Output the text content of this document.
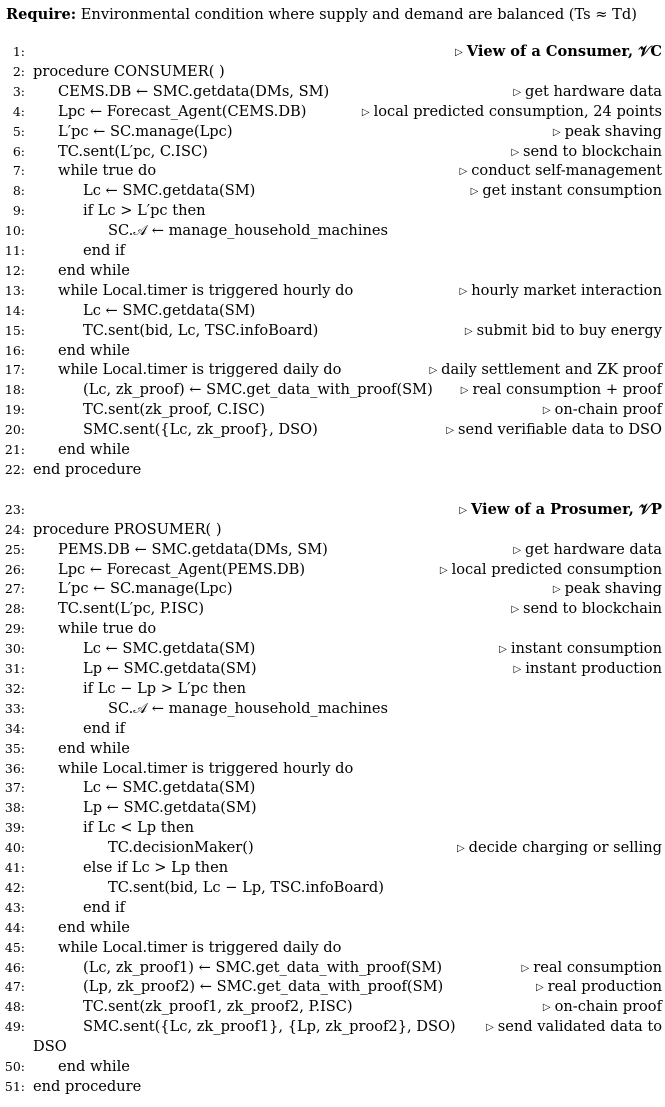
Require: Environmental condition where supply and demand are balanced (Ts ≈ Td)
1:	▷ View of a Consumer, 𝒱C
2: procedure CONSUMER( )
3: CEMS.DB ← SMC.getdata(DMs, SM)	▷ get hardware data
4: Lpc ← Forecast_Agent(CEMS.DB)	▷ local predicted consumption, 24 points
5: L′pc ← SC.manage(Lpc)	▷ peak shaving
6: TC.sent(L′pc, C.ISC)	▷ send to blockchain
7: while true do	▷ conduct self-management
8:	Lc ← SMC.getdata(SM)	▷ get instant consumption
9:	if Lc > L′pc then
10:	SC.𝒜 ← manage_household_machines
11:	end if
12: end while
13: while Local.timer is triggered hourly do	▷ hourly market interaction
14:	Lc ← SMC.getdata(SM)
15:	TC.sent(bid, Lc, TSC.infoBoard)	▷ submit bid to buy energy
16: end while
17: while Local.timer is triggered daily do	▷ daily settlement and ZK proof
18:	(Lc, zk_proof) ← SMC.get_data_with_proof(SM)	▷ real consumption + proof
19:	TC.sent(zk_proof, C.ISC)	▷ on-chain proof
20:	SMC.sent({Lc, zk_proof}, DSO)	▷ send verifiable data to DSO
21: end while
22: end procedure
23:	▷ View of a Prosumer, 𝒱P
24: procedure PROSUMER( )
25: PEMS.DB ← SMC.getdata(DMs, SM)	▷ get hardware data
26: Lpc ← Forecast_Agent(PEMS.DB)	▷ local predicted consumption
27: L′pc ← SC.manage(Lpc)	▷ peak shaving
28: TC.sent(L′pc, P.ISC)	▷ send to blockchain
29: while true do
30:	Lc ← SMC.getdata(SM)	▷ instant consumption
31:	Lp ← SMC.getdata(SM)	▷ instant production
32:	if Lc − Lp > L′pc then
33:	SC.𝒜 ← manage_household_machines
34:	end if
35: end while
36: while Local.timer is triggered hourly do
37:	Lc ← SMC.getdata(SM)
38:	Lp ← SMC.getdata(SM)
39:	if Lc < Lp then
40:	TC.decisionMaker()	▷ decide charging or selling
41:	else if Lc > Lp then
42:	TC.sent(bid, Lc − Lp, TSC.infoBoard)
43:	end if
44: end while
45: while Local.timer is triggered daily do
46:	(Lc, zk_proof1) ← SMC.get_data_with_proof(SM)	▷ real consumption
47:	(Lp, zk_proof2) ← SMC.get_data_with_proof(SM)	▷ real production
48:	TC.sent(zk_proof1, zk_proof2, P.ISC)	▷ on-chain proof
49:	SMC.sent({Lc, zk_proof1}, {Lp, zk_proof2}, DSO)	▷ send validated data to
50: end while
51: end procedure
DSO
